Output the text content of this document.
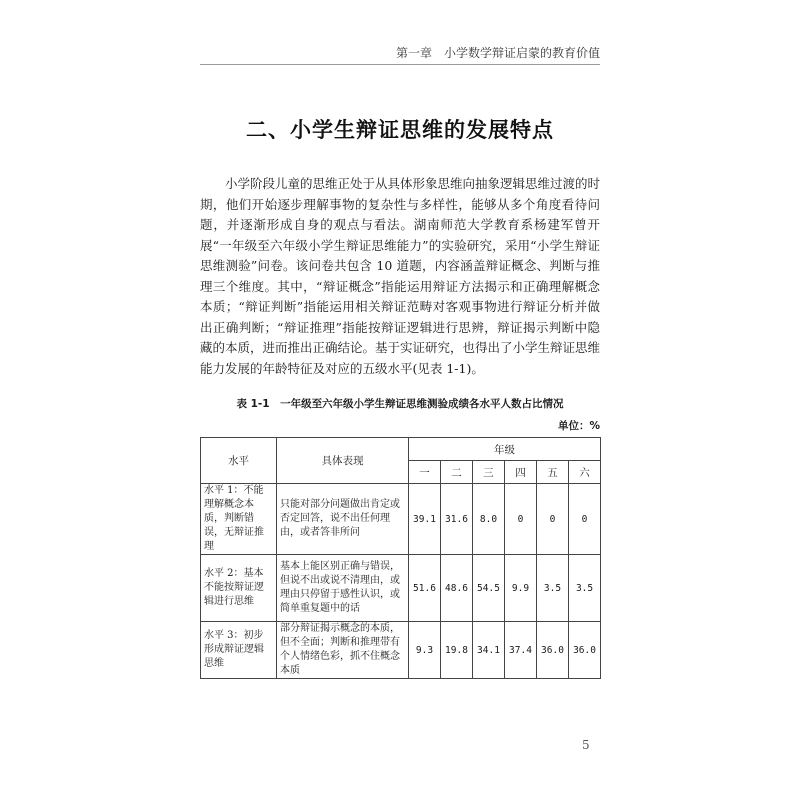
第一章　小学数学辩证启蒙的教育价值
二、小学生辩证思维的发展特点

小学阶段儿童的思维正处于从具体形象思维向抽象逻辑思维过渡的时期，他们开始逐步理解事物的复杂性与多样性，能够从多个角度看待问题，并逐渐形成自身的观点与看法。湖南师范大学教育系杨建军曾开展“一年级至六年级小学生辩证思维能力”的实验研究，采用“小学生辩证思维测验”问卷。该问卷共包含 10 道题，内容涵盖辩证概念、判断与推理三个维度。其中，“辩证概念”指能运用辩证方法揭示和正确理解概念本质；“辩证判断”指能运用相关辩证范畴对客观事物进行辩证分析并做出正确判断；“辩证推理”指能按辩证逻辑进行思辨，辩证揭示判断中隐藏的本质，进而推出正确结论。基于实证研究，也得出了小学生辩证思维能力发展的年龄特征及对应的五级水平(见表 1-1)。

表 1-1　一年级至六年级小学生辩证思维测验成绩各水平人数占比情况
单位：%
水平	具体表现	年级					
		一	二	三	四	五	六
水平 1：不能理解概念本质，判断错误，无辩证推理	只能对部分问题做出肯定或否定回答，说不出任何理由，或者答非所问	39.1	31.6	8.0	0	0	0
水平 2：基本不能按辩证逻辑进行思维	基本上能区别正确与错误，但说不出或说不清理由，或理由只停留于感性认识，或简单重复题中的话	51.6	48.6	54.5	9.9	3.5	3.5
水平 3：初步形成辩证逻辑思维	部分辩证揭示概念的本质，但不全面；判断和推理带有个人情绪色彩，抓不住概念本质	9.3	19.8	34.1	37.4	36.0	36.0
5
